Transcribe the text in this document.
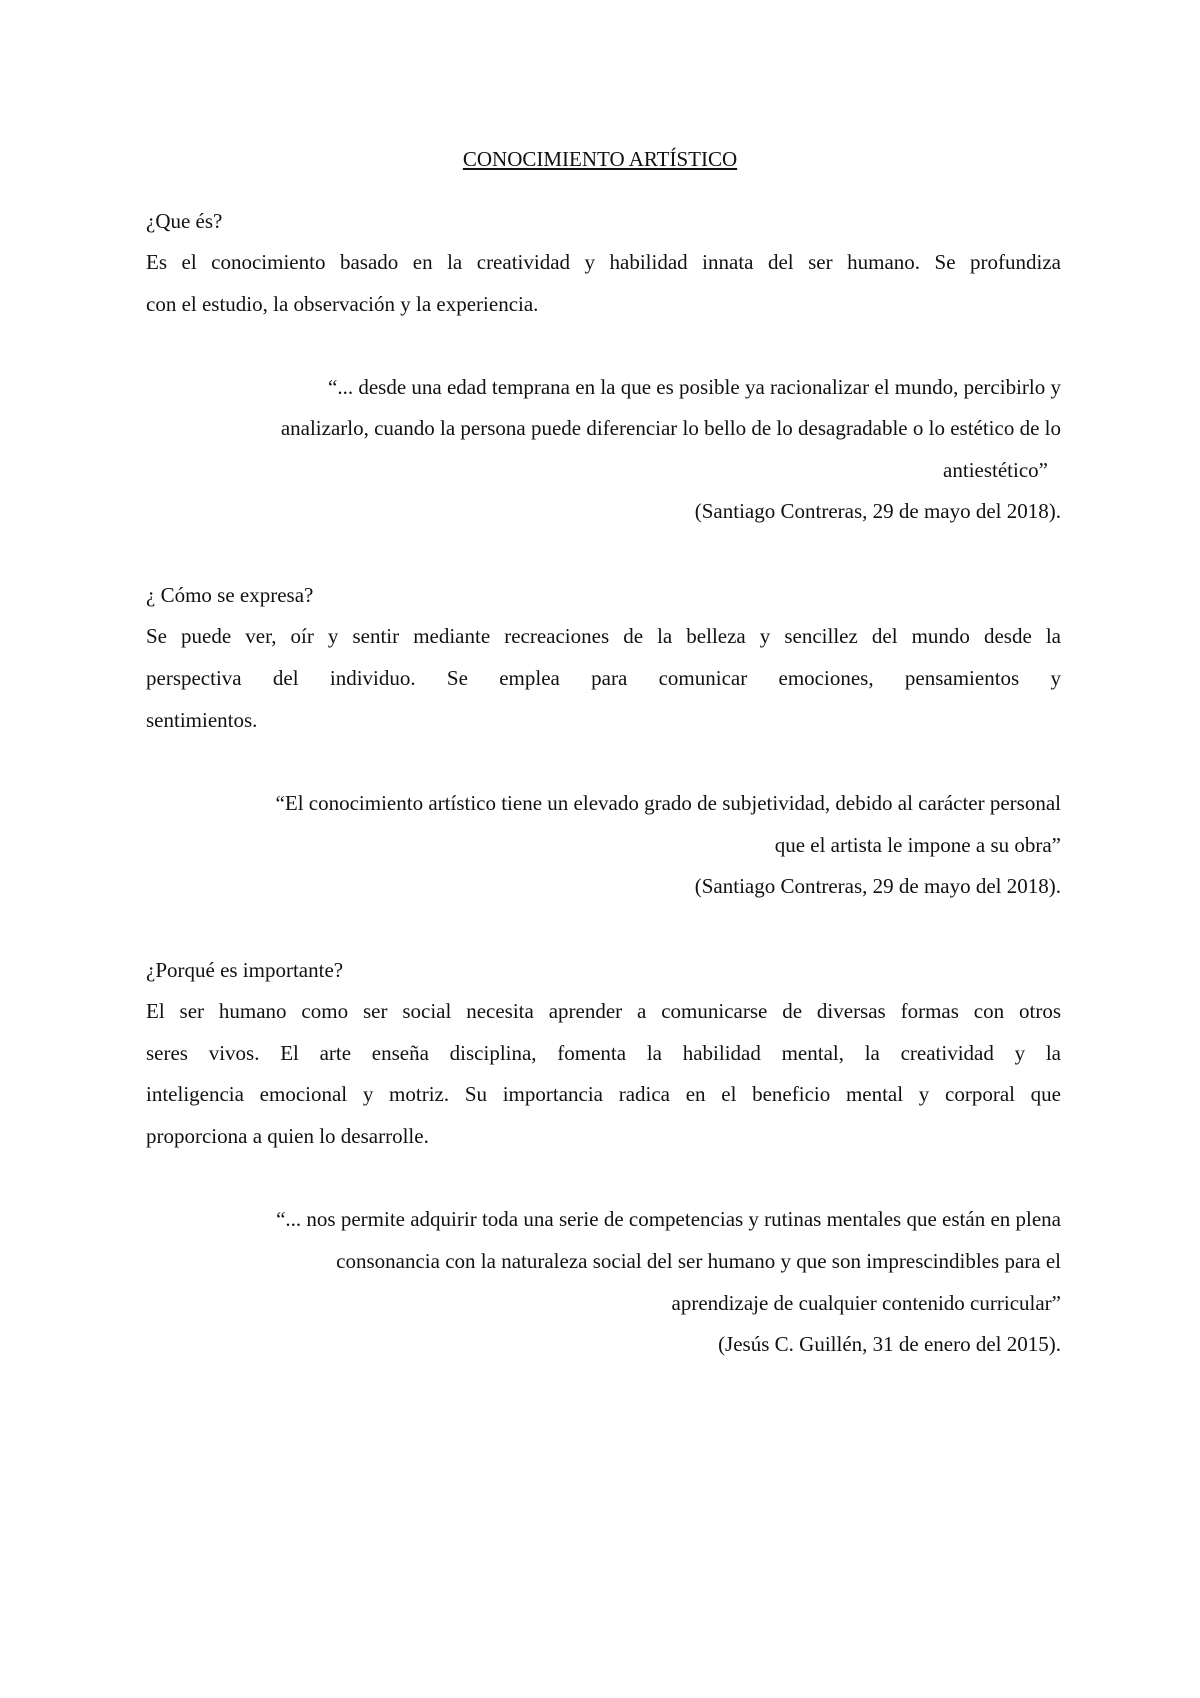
CONOCIMIENTO ARTÍSTICO
¿Que és?
Es el conocimiento basado en la creatividad y habilidad innata del ser humano. Se profundiza
con el estudio, la observación y la experiencia.
“... desde una edad temprana en la que es posible ya racionalizar el mundo, percibirlo y
analizarlo, cuando la persona puede diferenciar lo bello de lo desagradable o lo estético de lo
antiestético”
(Santiago Contreras, 29 de mayo del 2018).
¿ Cómo se expresa?
Se puede ver, oír y sentir mediante recreaciones de la belleza y sencillez del mundo desde la
perspectiva del individuo. Se emplea para comunicar emociones, pensamientos y
sentimientos.
“El conocimiento artístico tiene un elevado grado de subjetividad, debido al carácter personal
que el artista le impone a su obra”
(Santiago Contreras, 29 de mayo del 2018).
¿Porqué es importante?
El ser humano como ser social necesita aprender a comunicarse de diversas formas con otros
seres vivos. El arte enseña disciplina, fomenta la habilidad mental, la creatividad y la
inteligencia emocional y motriz. Su importancia radica en el beneficio mental y corporal que
proporciona a quien lo desarrolle.
“... nos permite adquirir toda una serie de competencias y rutinas mentales que están en plena
consonancia con la naturaleza social del ser humano y que son imprescindibles para el
aprendizaje de cualquier contenido curricular”
(Jesús C. Guillén, 31 de enero del 2015).
